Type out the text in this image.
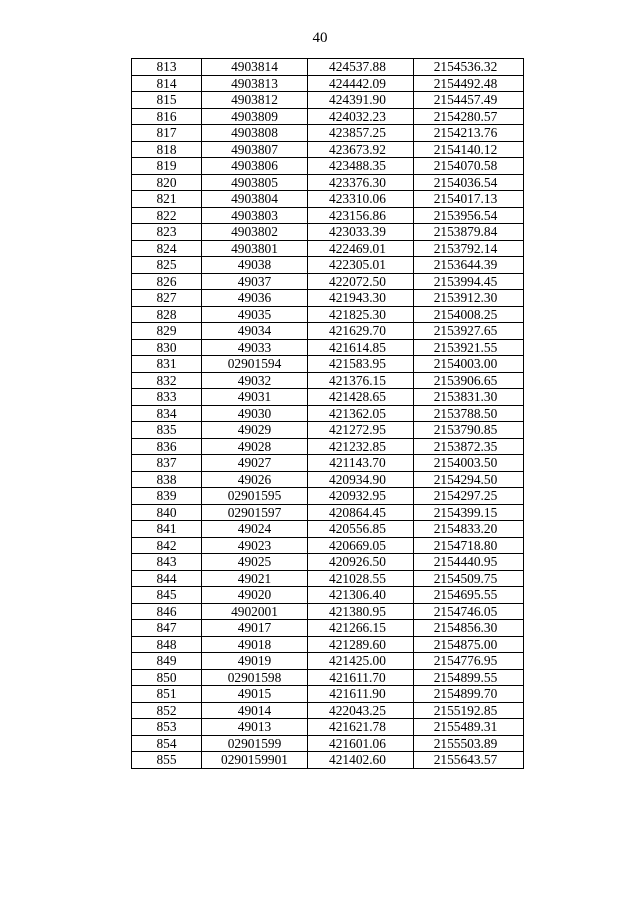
40
813	4903814	424537.88	2154536.32
814	4903813	424442.09	2154492.48
815	4903812	424391.90	2154457.49
816	4903809	424032.23	2154280.57
817	4903808	423857.25	2154213.76
818	4903807	423673.92	2154140.12
819	4903806	423488.35	2154070.58
820	4903805	423376.30	2154036.54
821	4903804	423310.06	2154017.13
822	4903803	423156.86	2153956.54
823	4903802	423033.39	2153879.84
824	4903801	422469.01	2153792.14
825	49038	422305.01	2153644.39
826	49037	422072.50	2153994.45
827	49036	421943.30	2153912.30
828	49035	421825.30	2154008.25
829	49034	421629.70	2153927.65
830	49033	421614.85	2153921.55
831	02901594	421583.95	2154003.00
832	49032	421376.15	2153906.65
833	49031	421428.65	2153831.30
834	49030	421362.05	2153788.50
835	49029	421272.95	2153790.85
836	49028	421232.85	2153872.35
837	49027	421143.70	2154003.50
838	49026	420934.90	2154294.50
839	02901595	420932.95	2154297.25
840	02901597	420864.45	2154399.15
841	49024	420556.85	2154833.20
842	49023	420669.05	2154718.80
843	49025	420926.50	2154440.95
844	49021	421028.55	2154509.75
845	49020	421306.40	2154695.55
846	4902001	421380.95	2154746.05
847	49017	421266.15	2154856.30
848	49018	421289.60	2154875.00
849	49019	421425.00	2154776.95
850	02901598	421611.70	2154899.55
851	49015	421611.90	2154899.70
852	49014	422043.25	2155192.85
853	49013	421621.78	2155489.31
854	02901599	421601.06	2155503.89
855	0290159901	421402.60	2155643.57
